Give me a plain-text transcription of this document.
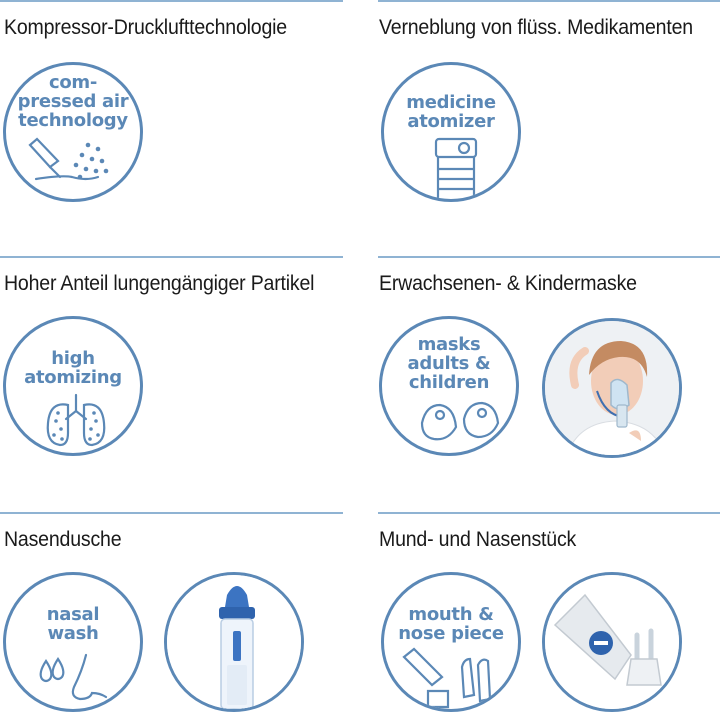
Kompressor-Drucklufttechnologie
com-
pressed air
technology
Verneblung von flüss. Medikamenten
medicine
atomizer
Hoher Anteil lungengängiger Partikel
high
atomizing
Erwachsenen- & Kindermaske
masks
adults &
children
Nasendusche
nasal
wash
Mund- und Nasenstück
mouth &
nose piece
